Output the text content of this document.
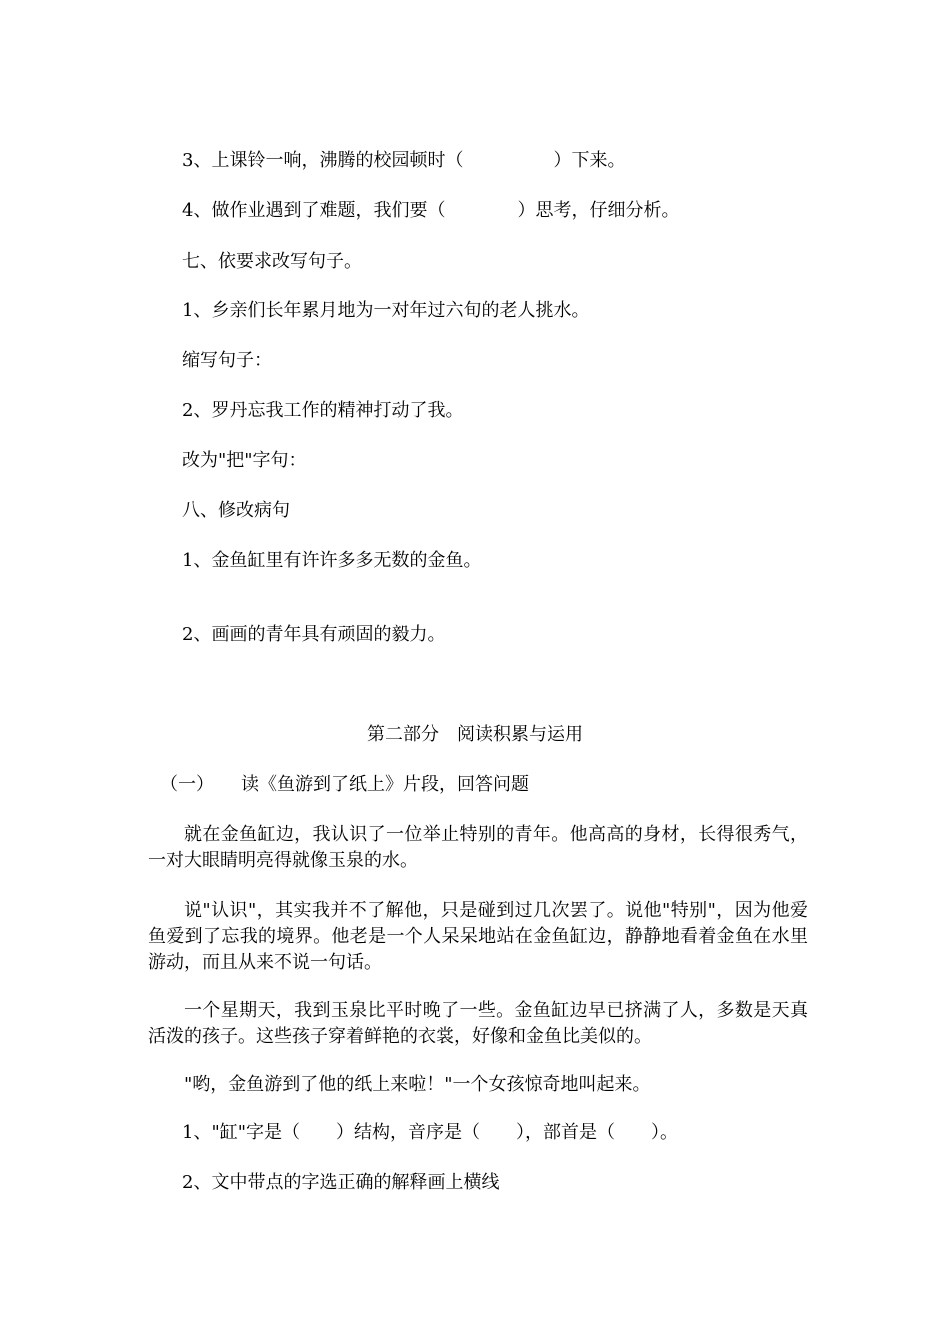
3、上课铃一响，沸腾的校园顿时（　　　　　）下来。

4、做作业遇到了难题，我们要（　　　　）思考，仔细分析。

七、依要求改写句子。

1、乡亲们长年累月地为一对年过六旬的老人挑水。

缩写句子：

2、罗丹忘我工作的精神打动了我。

改为"把"字句：

八、修改病句

1、金鱼缸里有许许多多无数的金鱼。

2、画画的青年具有顽固的毅力。

第二部分　阅读积累与运用

（一）　　读《鱼游到了纸上》片段，回答问题

就在金鱼缸边，我认识了一位举止特别的青年。他高高的身材，长得很秀气，一对大眼睛明亮得就像玉泉的水。

说"认识"，其实我并不了解他，只是碰到过几次罢了。说他"特别"，因为他爱鱼爱到了忘我的境界。他老是一个人呆呆地站在金鱼缸边，静静地看着金鱼在水里游动，而且从来不说一句话。

一个星期天，我到玉泉比平时晚了一些。金鱼缸边早已挤满了人，多数是天真活泼的孩子。这些孩子穿着鲜艳的衣裳，好像和金鱼比美似的。

"哟，金鱼游到了他的纸上来啦！"一个女孩惊奇地叫起来。

1、"缸"字是（　　）结构，音序是（　　），部首是（　　）。

2、文中带点的字选正确的解释画上横线
